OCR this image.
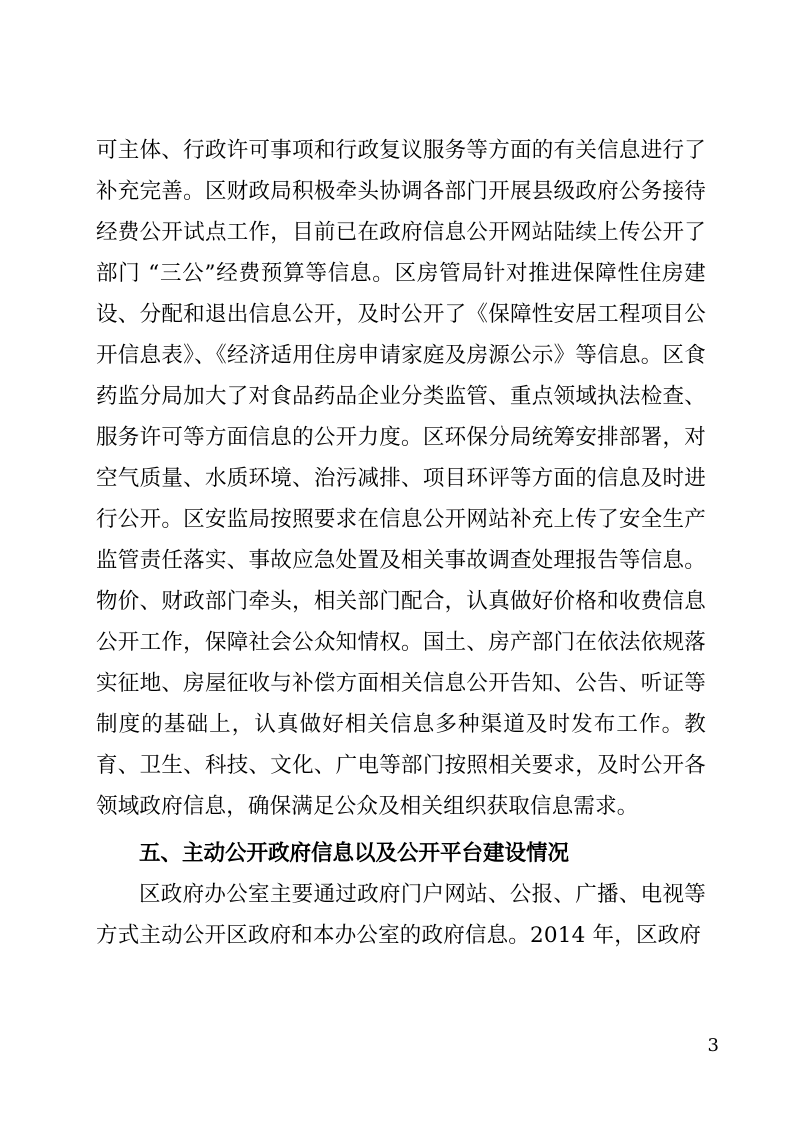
可主体、行政许可事项和行政复议服务等方面的有关信息进行了补充完善。区财政局积极牵头协调各部门开展县级政府公务接待经费公开试点工作，目前已在政府信息公开网站陆续上传公开了部门 “三公”经费预算等信息。区房管局针对推进保障性住房建设、分配和退出信息公开，及时公开了《保障性安居工程项目公开信息表》、《经济适用住房申请家庭及房源公示》等信息。区食药监分局加大了对食品药品企业分类监管、重点领域执法检查、服务许可等方面信息的公开力度。区环保分局统筹安排部署，对空气质量、水质环境、治污减排、项目环评等方面的信息及时进行公开。区安监局按照要求在信息公开网站补充上传了安全生产监管责任落实、事故应急处置及相关事故调查处理报告等信息。物价、财政部门牵头，相关部门配合，认真做好价格和收费信息公开工作，保障社会公众知情权。国土、房产部门在依法依规落实征地、房屋征收与补偿方面相关信息公开告知、公告、听证等制度的基础上，认真做好相关信息多种渠道及时发布工作。教育、卫生、科技、文化、广电等部门按照相关要求，及时公开各领域政府信息，确保满足公众及相关组织获取信息需求。

五、主动公开政府信息以及公开平台建设情况

区政府办公室主要通过政府门户网站、公报、广播、电视等方式主动公开区政府和本办公室的政府信息。2014 年，区政府

3
